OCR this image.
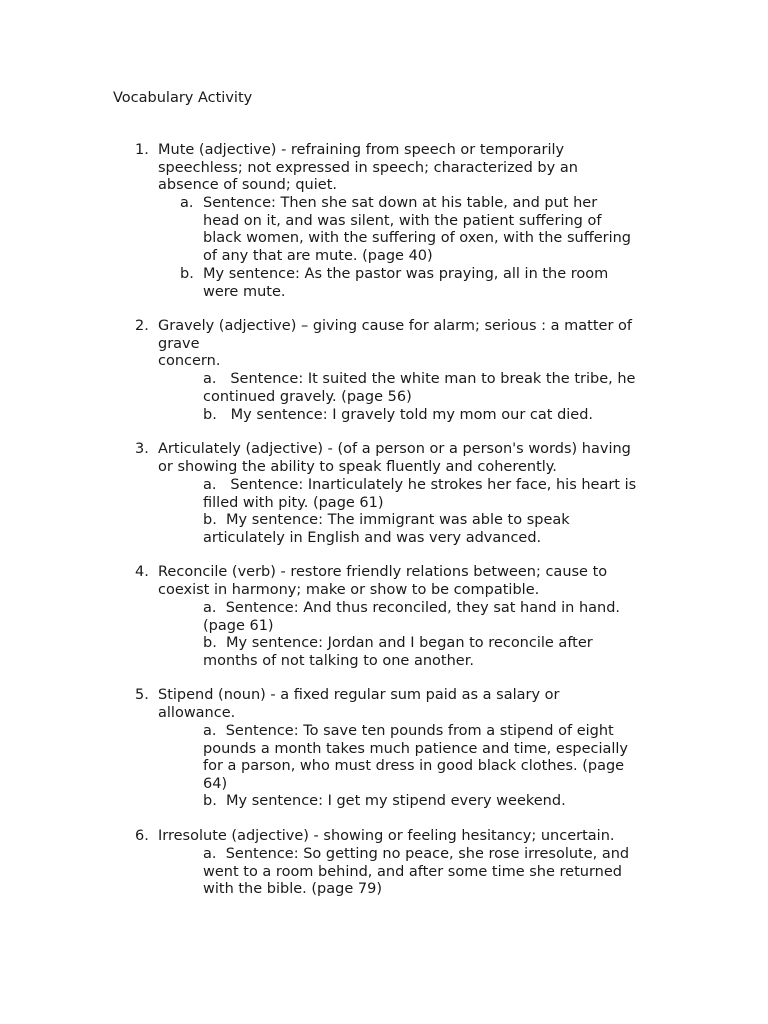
Vocabulary Activity
1. Mute (adjective) - refraining from speech or temporarily
speechless; not expressed in speech; characterized by an
absence of sound; quiet.
a. Sentence: Then she sat down at his table, and put her
head on it, and was silent, with the patient suffering of
black women, with the suffering of oxen, with the suffering
of any that are mute. (page 40)
b. My sentence: As the pastor was praying, all in the room
were mute.
2. Gravely (adjective) – giving cause for alarm; serious : a matter of
grave
concern.
a.   Sentence: It suited the white man to break the tribe, he
continued gravely. (page 56)
b.   My sentence: I gravely told my mom our cat died.
3. Articulately (adjective) - (of a person or a person's words) having
or showing the ability to speak fluently and coherently.
a.   Sentence: Inarticulately he strokes her face, his heart is
filled with pity. (page 61)
b.  My sentence: The immigrant was able to speak
articulately in English and was very advanced.
4. Reconcile (verb) - restore friendly relations between; cause to
coexist in harmony; make or show to be compatible.
a.  Sentence: And thus reconciled, they sat hand in hand.
(page 61)
b.  My sentence: Jordan and I began to reconcile after
months of not talking to one another.
5. Stipend (noun) - a fixed regular sum paid as a salary or
allowance.
a.  Sentence: To save ten pounds from a stipend of eight
pounds a month takes much patience and time, especially
for a parson, who must dress in good black clothes. (page
64)
b.  My sentence: I get my stipend every weekend.
6. Irresolute (adjective) - showing or feeling hesitancy; uncertain.
a.  Sentence: So getting no peace, she rose irresolute, and
went to a room behind, and after some time she returned
with the bible. (page 79)
